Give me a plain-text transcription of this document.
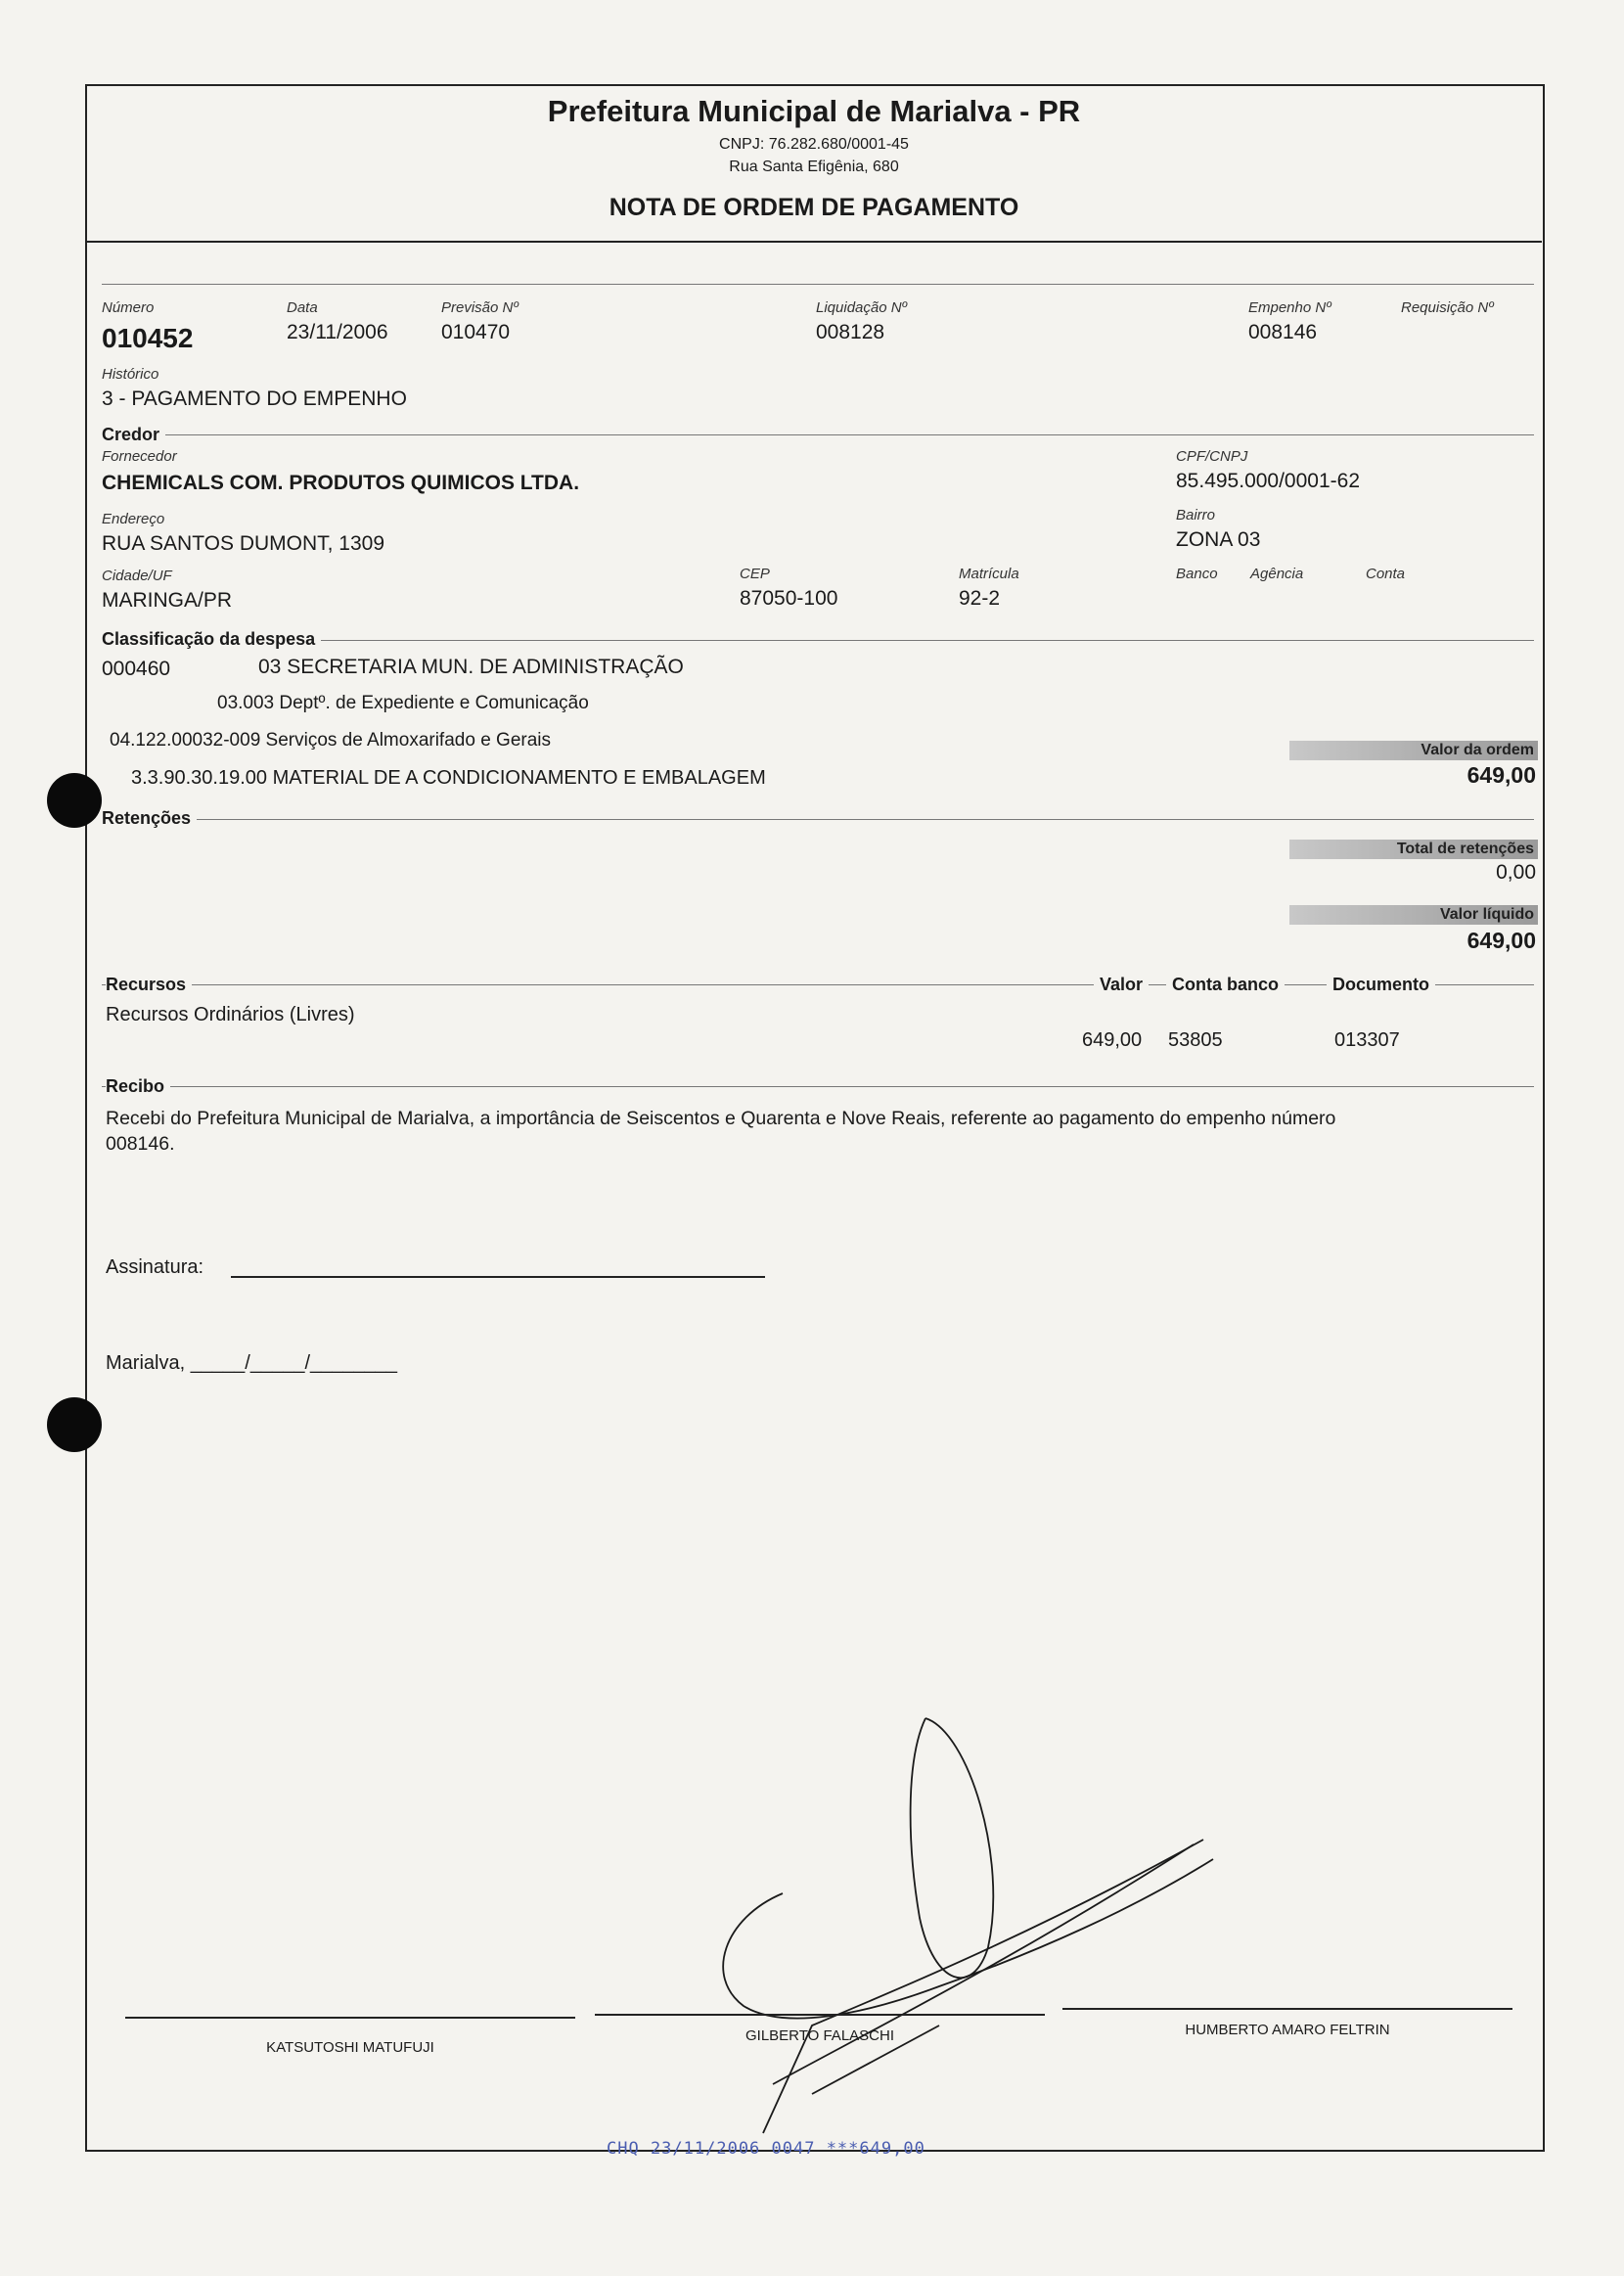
Prefeitura Municipal de Marialva - PR
CNPJ: 76.282.680/0001-45
Rua Santa Efigênia, 680
NOTA DE ORDEM DE PAGAMENTO
Número
010452
Data
23/11/2006
Previsão Nº
010470
Liquidação Nº
008128
Empenho Nº
008146
Requisição Nº
Histórico
3 - PAGAMENTO DO EMPENHO
Credor
Fornecedor
CHEMICALS COM. PRODUTOS QUIMICOS LTDA.
CPF/CNPJ
85.495.000/0001-62
Endereço
RUA SANTOS DUMONT, 1309
Bairro
ZONA 03
Cidade/UF
MARINGA/PR
CEP
87050-100
Matrícula
92-2
Banco Agência	Conta
Classificação da despesa
000460	03 SECRETARIA MUN. DE ADMINISTRAÇÃO
03.003 Deptº. de Expediente e Comunicação
04.122.00032-009 Serviços de Almoxarifado e Gerais
3.3.90.30.19.00 MATERIAL DE A CONDICIONAMENTO E EMBALAGEM
Valor da ordem
649,00
Retenções
Total de retenções
0,00
Valor líquido
649,00
Recursos	Valor	Conta banco	Documento
Recursos Ordinários (Livres)
649,00 53805	013307
Recibo
Recebi do Prefeitura Municipal de Marialva, a importância de Seiscentos e Quarenta e Nove Reais, referente ao pagamento do empenho número
008146.
Assinatura:
Marialva, _____/_____/________
KATSUTOSHI MATUFUJI
GILBERTO FALASCHI	HUMBERTO AMARO FELTRIN
CHQ 23/11/2006 0047 ***649,00
